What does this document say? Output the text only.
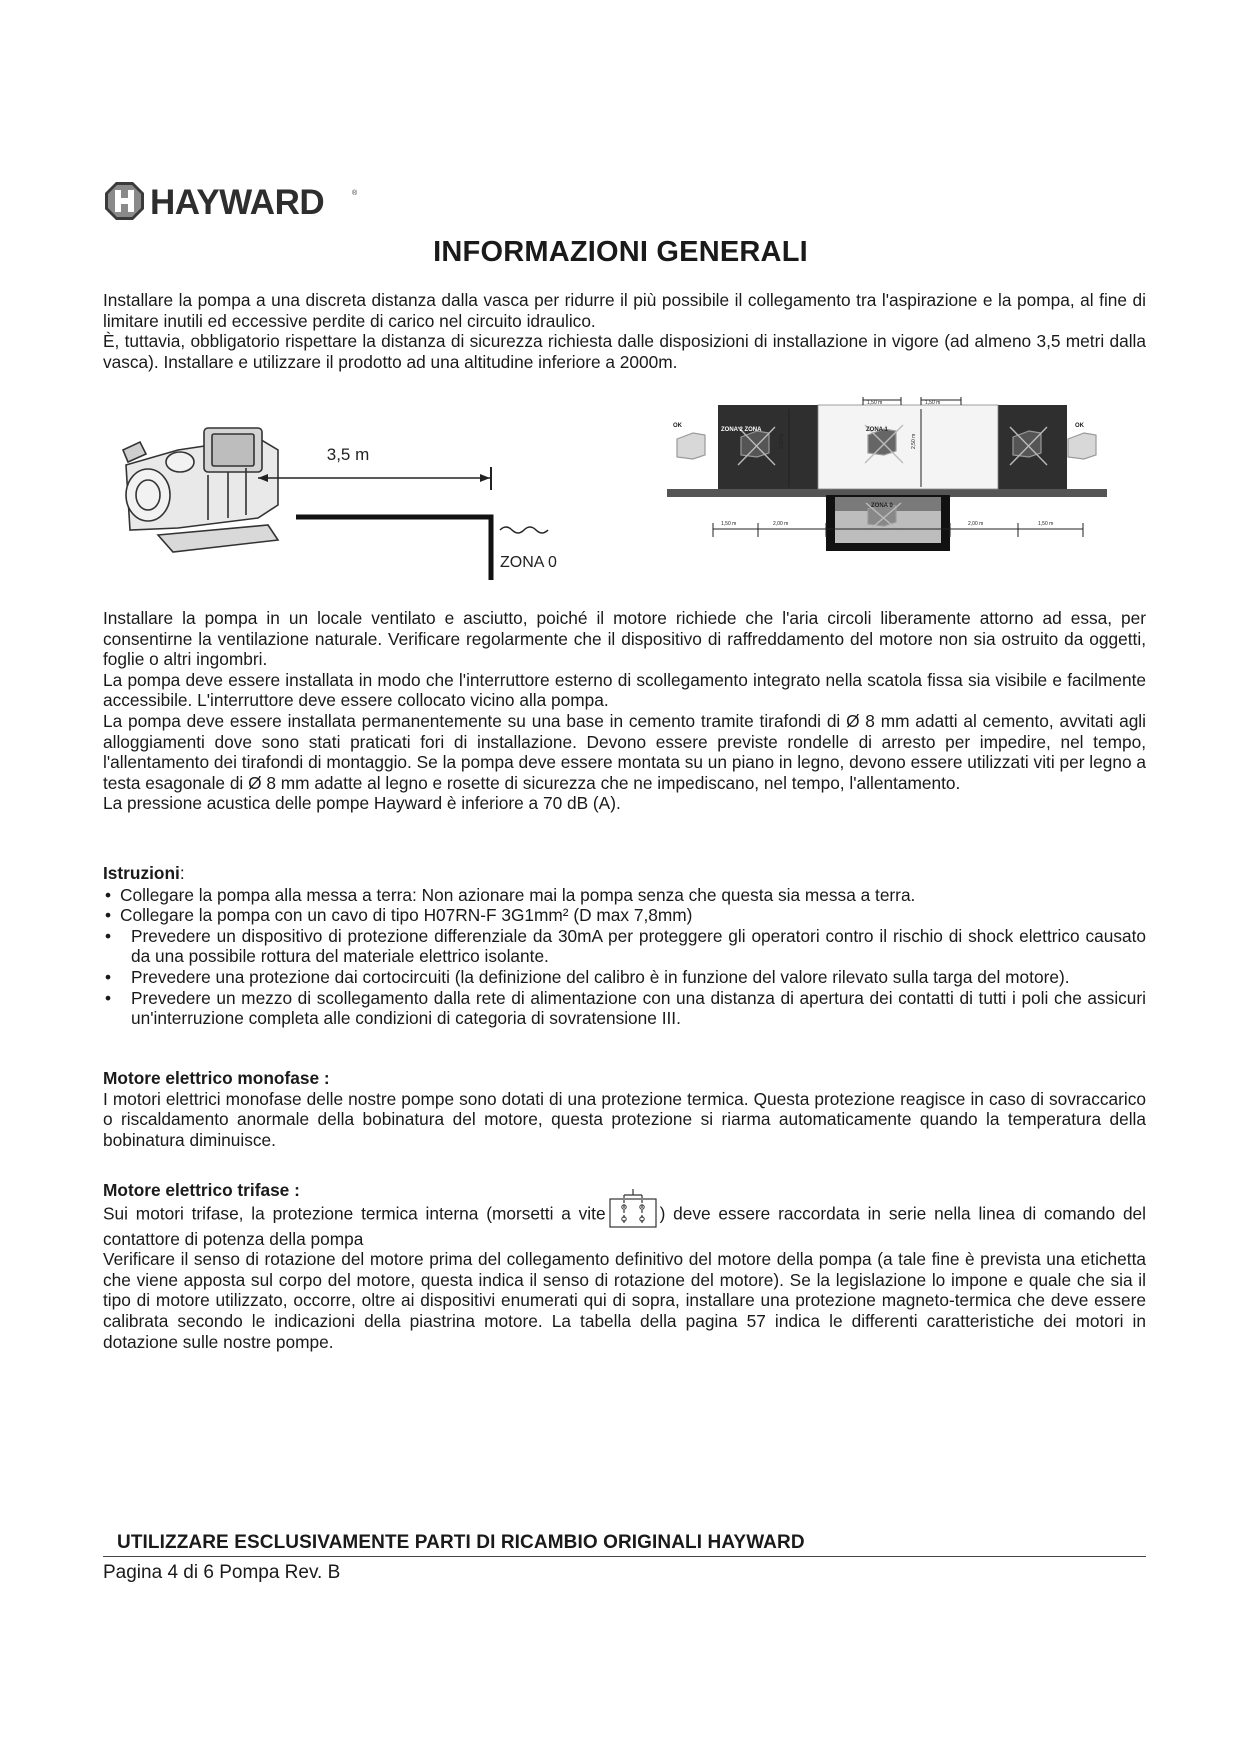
HAYWARD	®
INFORMAZIONI GENERALI

Installare la pompa a una discreta distanza dalla vasca per ridurre il più possibile il collegamento tra l'aspirazione e la pompa, al fine di limitare inutili ed eccessive perdite di carico nel circuito idraulico.

È, tuttavia, obbligatorio rispettare la distanza di sicurezza richiesta dalle disposizioni di installazione in vigore (ad almeno 3,5 metri dalla vasca). Installare e utilizzare il prodotto ad una altitudine inferiore a 2000m.

3,5 m
ZONA 0
OK	OK
ZONA 2 ZONA	ZONA 1
ZONA 0
1,50 m	1,50 m
2,50 m	2,50 m
1,50 m	2,00 m	2,00 m	1,50 m

Installare la pompa in un locale ventilato e asciutto, poiché il motore richiede che l'aria circoli liberamente attorno ad essa, per consentirne la ventilazione naturale. Verificare regolarmente che il dispositivo di raffreddamento del motore non sia ostruito da oggetti, foglie o altri ingombri.

La pompa deve essere installata in modo che l'interruttore esterno di scollegamento integrato nella scatola fissa sia visibile e facilmente accessibile. L'interruttore deve essere collocato vicino alla pompa.

La pompa deve essere installata permanentemente su una base in cemento tramite tirafondi di Ø 8 mm adatti al cemento, avvitati agli alloggiamenti dove sono stati praticati fori di installazione. Devono essere previste rondelle di arresto per impedire, nel tempo, l'allentamento dei tirafondi di montaggio. Se la pompa deve essere montata su un piano in legno, devono essere utilizzati viti per legno a testa esagonale di Ø 8 mm adatte al legno e rosette di sicurezza che ne impediscano, nel tempo, l'allentamento.

La pressione acustica delle pompe Hayward è inferiore a 70 dB (A).

Istruzioni:

• Collegare la pompa alla messa a terra: Non azionare mai la pompa senza che questa sia messa a terra.
• Collegare la pompa con un cavo di tipo H07RN-F 3G1mm² (D max 7,8mm)
• Prevedere un dispositivo di protezione differenziale da 30mA per proteggere gli operatori contro il rischio di shock elettrico causato da una possibile rottura del materiale elettrico isolante.
• Prevedere una protezione dai cortocircuiti (la definizione del calibro è in funzione del valore rilevato sulla targa del motore).
• Prevedere un mezzo di scollegamento dalla rete di alimentazione con una distanza di apertura dei contatti di tutti i poli che assicuri un'interruzione completa alle condizioni di categoria di sovratensione III.

Motore elettrico monofase :

I motori elettrici monofase delle nostre pompe sono dotati di una protezione termica. Questa protezione reagisce in caso di sovraccarico o riscaldamento anormale della bobinatura del motore, questa protezione si riarma automaticamente quando la temperatura della bobinatura diminuisce.

Motore elettrico trifase :

Sui motori trifase, la protezione termica interna (morsetti a vite	) deve essere raccordata in serie nella linea di comando del contattore di potenza della pompa

Verificare il senso di rotazione del motore prima del collegamento definitivo del motore della pompa (a tale fine è prevista una etichetta che viene apposta sul corpo del motore, questa indica il senso di rotazione del motore). Se la legislazione lo impone e quale che sia il tipo di motore utilizzato, occorre, oltre ai dispositivi enumerati qui di sopra, installare una protezione magneto-termica che deve essere calibrata secondo le indicazioni della piastrina motore. La tabella della pagina 57 indica le differenti caratteristiche dei motori in dotazione sulle nostre pompe.

UTILIZZARE ESCLUSIVAMENTE PARTI DI RICAMBIO ORIGINALI HAYWARD
Pagina 4 di 6 Pompa Rev. B
